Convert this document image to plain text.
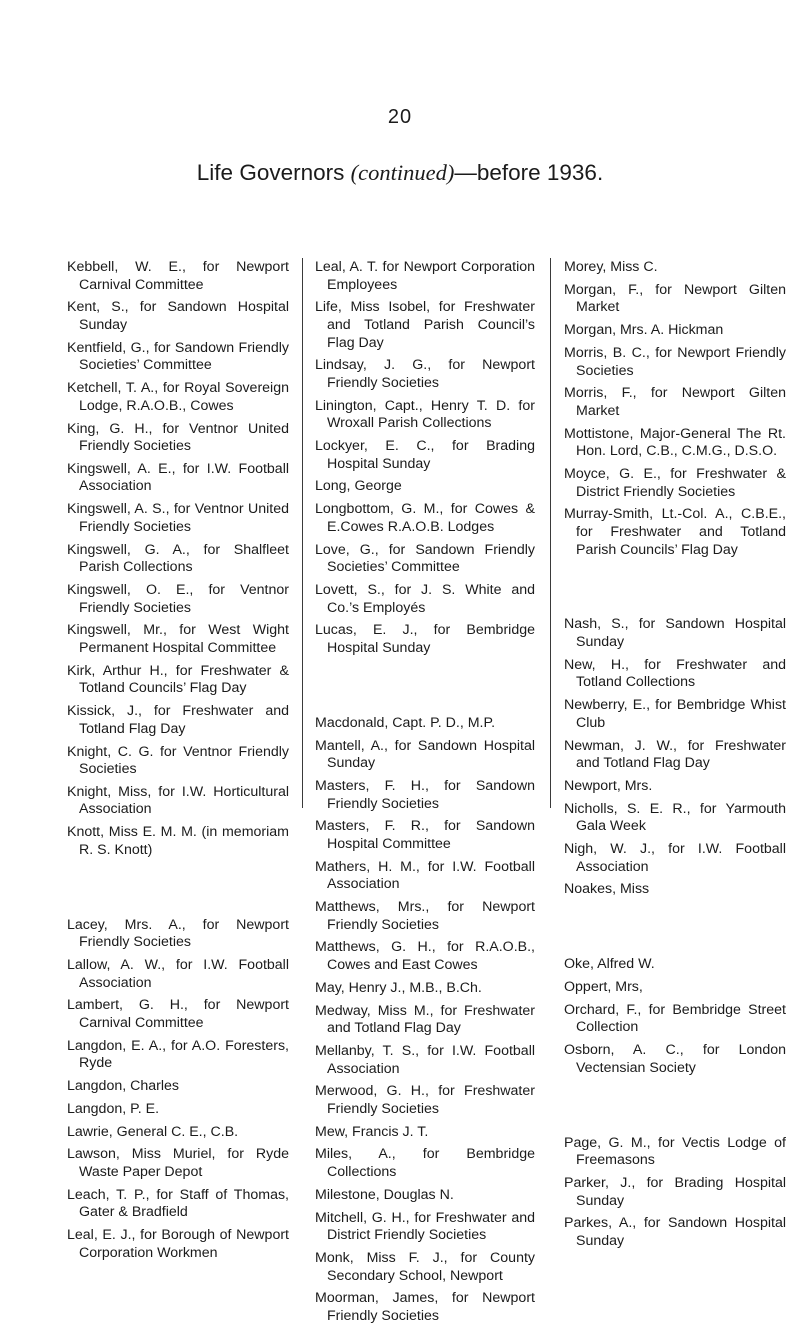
20
Life Governors (continued)—before 1936.
Kebbell, W. E., for Newport Carnival Committee
Kent, S., for Sandown Hospital Sunday
Kentfield, G., for Sandown Friendly Societies’ Committee
Ketchell, T. A., for Royal Sovereign Lodge, R.A.O.B., Cowes
King, G. H., for Ventnor United Friendly Societies
Kingswell, A. E., for I.W. Football Association
Kingswell, A. S., for Ventnor United Friendly Societies
Kingswell, G. A., for Shalfleet Parish Collections
Kingswell, O. E., for Ventnor Friendly Societies
Kingswell, Mr., for West Wight Permanent Hospital Committee
Kirk, Arthur H., for Freshwater & Totland Councils’ Flag Day
Kissick, J., for Freshwater and Totland Flag Day
Knight, C. G. for Ventnor Friendly Societies
Knight, Miss, for I.W. Horticultural Association
Knott, Miss E. M. M. (in memoriam R. S. Knott)
Lacey, Mrs. A., for Newport Friendly Societies
Lallow, A. W., for I.W. Football Association
Lambert, G. H., for Newport Carnival Committee
Langdon, E. A., for A.O. Foresters, Ryde
Langdon, Charles
Langdon, P. E.
Lawrie, General C. E., C.B.
Lawson, Miss Muriel, for Ryde Waste Paper Depot
Leach, T. P., for Staff of Thomas, Gater & Bradfield
Leal, E. J., for Borough of Newport Corporation Workmen
Leal, A. T. for Newport Corporation Employees
Life, Miss Isobel, for Freshwater and Totland Parish Council’s Flag Day
Lindsay, J. G., for Newport Friendly Societies
Linington, Capt., Henry T. D. for Wroxall Parish Collections
Lockyer, E. C., for Brading Hospital Sunday
Long, George
Longbottom, G. M., for Cowes & E.Cowes R.A.O.B. Lodges
Love, G., for Sandown Friendly Societies’ Committee
Lovett, S., for J. S. White and Co.’s Employés
Lucas, E. J., for Bembridge Hospital Sunday
Macdonald, Capt. P. D., M.P.
Mantell, A., for Sandown Hospital Sunday
Masters, F. H., for Sandown Friendly Societies
Masters, F. R., for Sandown Hospital Committee
Mathers, H. M., for I.W. Football Association
Matthews, Mrs., for Newport Friendly Societies
Matthews, G. H., for R.A.O.B., Cowes and East Cowes
May, Henry J., M.B., B.Ch.
Medway, Miss M., for Freshwater and Totland Flag Day
Mellanby, T. S., for I.W. Football Association
Merwood, G. H., for Freshwater Friendly Societies
Mew, Francis J. T.
Miles, A., for Bembridge Collections
Milestone, Douglas N.
Mitchell, G. H., for Freshwater and District Friendly Societies
Monk, Miss F. J., for County Secondary School, Newport
Moorman, James, for Newport Friendly Societies
Morey, Miss C.
Morgan, F., for Newport Gilten Market
Morgan, Mrs. A. Hickman
Morris, B. C., for Newport Friendly Societies
Morris, F., for Newport Gilten Market
Mottistone, Major-General The Rt. Hon. Lord, C.B., C.M.G., D.S.O.
Moyce, G. E., for Freshwater & District Friendly Societies
Murray-Smith, Lt.-Col. A., C.B.E., for Freshwater and Totland Parish Councils’ Flag Day
Nash, S., for Sandown Hospital Sunday
New, H., for Freshwater and Totland Collections
Newberry, E., for Bembridge Whist Club
Newman, J. W., for Freshwater and Totland Flag Day
Newport, Mrs.
Nicholls, S. E. R., for Yarmouth Gala Week
Nigh, W. J., for I.W. Football Association
Noakes, Miss
Oke, Alfred W.
Oppert, Mrs,
Orchard, F., for Bembridge Street Collection
Osborn, A. C., for London Vectensian Society
Page, G. M., for Vectis Lodge of Freemasons
Parker, J., for Brading Hospital Sunday
Parkes, A., for Sandown Hospital Sunday
